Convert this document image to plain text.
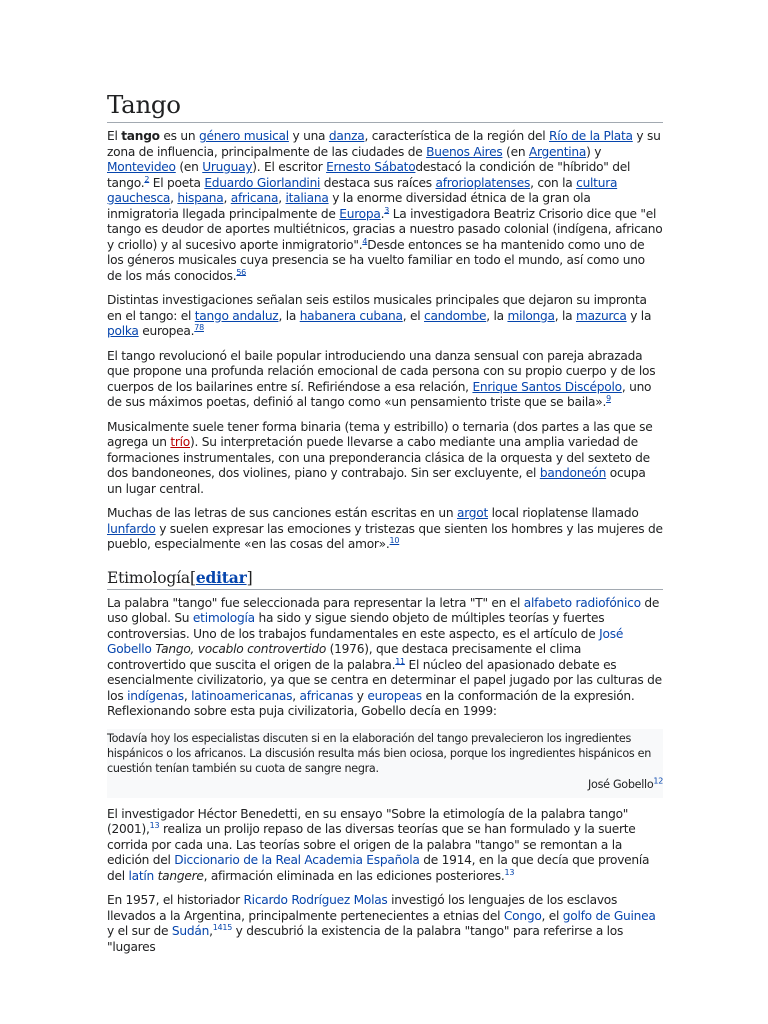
Tango

El tango es un género musical y una danza, característica de la región del Río de la Plata y su zona de influencia, principalmente de las ciudades de Buenos Aires (en Argentina) y Montevideo (en Uruguay). El escritor Ernesto Sábatodestacó la condición de "híbrido" del tango.$^2$ El poeta Eduardo Giorlandini destaca sus raíces afrorioplatenses, con la cultura gauchesca, hispana, africana, italiana y la enorme diversidad étnica de la gran ola inmigratoria llegada principalmente de Europa.$^3$ La investigadora Beatriz Crisorio dice que "el tango es deudor de aportes multiétnicos, gracias a nuestro pasado colonial (indígena, africano y criollo) y al sucesivo aporte inmigratorio".$^4$Desde entonces se ha mantenido como uno de los géneros musicales cuya presencia se ha vuelto familiar en todo el mundo, así como uno de los más conocidos.$^{56}$

Distintas investigaciones señalan seis estilos musicales principales que dejaron su impronta en el tango: el tango andaluz, la habanera cubana, el candombe, la milonga, la mazurca y la polka europea.$^{78}$

El tango revolucionó el baile popular introduciendo una danza sensual con pareja abrazada que propone una profunda relación emocional de cada persona con su propio cuerpo y de los cuerpos de los bailarines entre sí. Refiriéndose a esa relación, Enrique Santos Discépolo, uno de sus máximos poetas, definió al tango como «un pensamiento triste que se baila».$^9$

Musicalmente suele tener forma binaria (tema y estribillo) o ternaria (dos partes a las que se agrega un trío). Su interpretación puede llevarse a cabo mediante una amplia variedad de formaciones instrumentales, con una preponderancia clásica de la orquesta y del sexteto de dos bandoneones, dos violines, piano y contrabajo. Sin ser excluyente, el bandoneón ocupa un lugar central.

Muchas de las letras de sus canciones están escritas en un argot local rioplatense llamado lunfardo y suelen expresar las emociones y tristezas que sienten los hombres y las mujeres de pueblo, especialmente «en las cosas del amor».$^{10}$

Etimología[editar]

La palabra "tango" fue seleccionada para representar la letra "T" en el alfabeto radiofónico de uso global. Su etimología ha sido y sigue siendo objeto de múltiples teorías y fuertes controversias. Uno de los trabajos fundamentales en este aspecto, es el artículo de José Gobello Tango, vocablo controvertido (1976), que destaca precisamente el clima controvertido que suscita el origen de la palabra.$^{11}$ El núcleo del apasionado debate es esencialmente civilizatorio, ya que se centra en determinar el papel jugado por las culturas de los indígenas, latinoamericanas, africanas y europeas en la conformación de la expresión. Reflexionando sobre esta puja civilizatoria, Gobello decía en 1999:

Todavía hoy los especialistas discuten si en la elaboración del tango prevalecieron los ingredientes hispánicos o los africanos. La discusión resulta más bien ociosa, porque los ingredientes hispánicos en cuestión tenían también su cuota de sangre negra.
José Gobello$^{12}$

El investigador Héctor Benedetti, en su ensayo "Sobre la etimología de la palabra tango" (2001),$^{13}$ realiza un prolijo repaso de las diversas teorías que se han formulado y la suerte corrida por cada una. Las teorías sobre el origen de la palabra "tango" se remontan a la edición del Diccionario de la Real Academia Española de 1914, en la que decía que provenía del latín tangere, afirmación eliminada en las ediciones posteriores.$^{13}$

En 1957, el historiador Ricardo Rodríguez Molas investigó los lenguajes de los esclavos llevados a la Argentina, principalmente pertenecientes a etnias del Congo, el golfo de Guinea y el sur de Sudán,$^{1415}$ y descubrió la existencia de la palabra "tango" para referirse a los "lugares
